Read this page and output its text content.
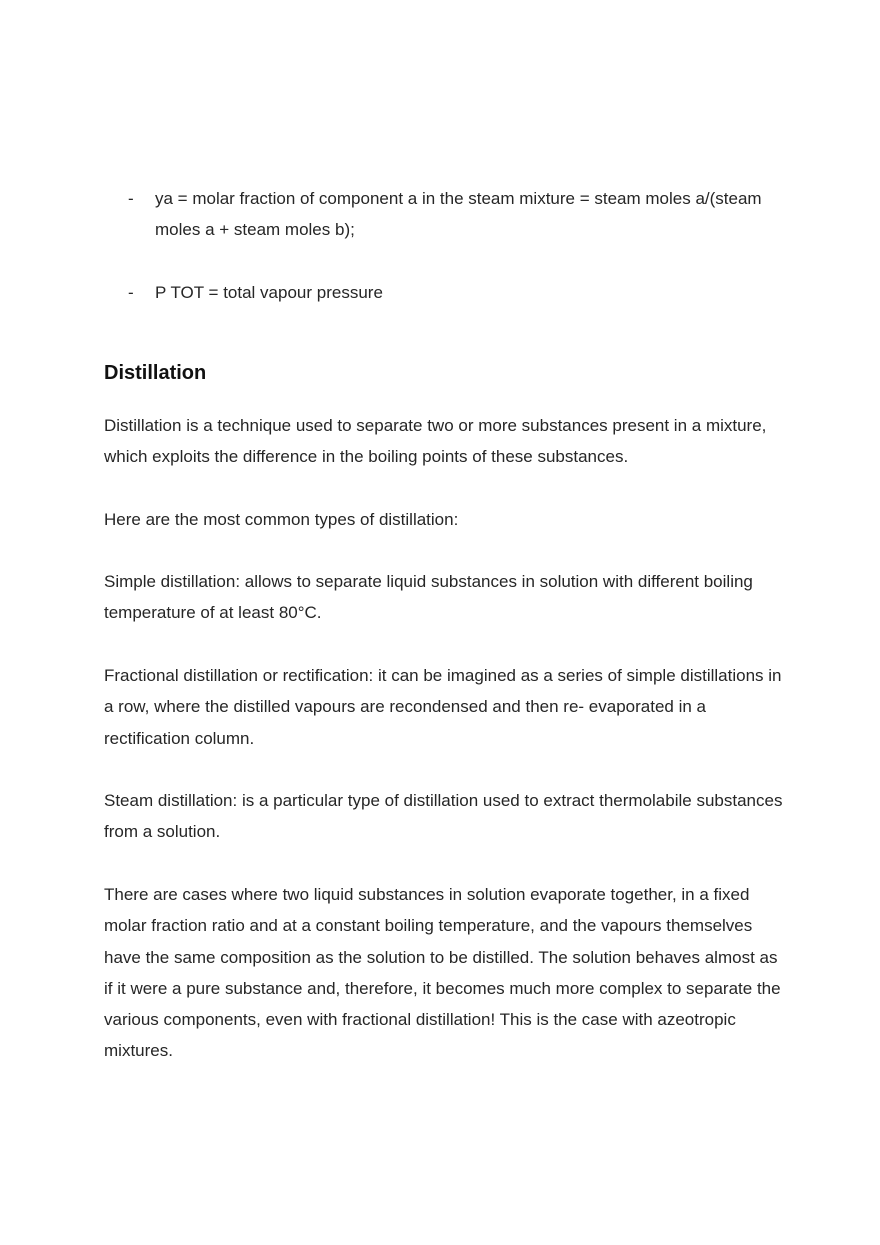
- ya = molar fraction of component a in the steam mixture = steam moles a/(steam moles a + steam moles b);
- P TOT = total vapour pressure
Distillation

Distillation is a technique used to separate two or more substances present in a mixture, which exploits the difference in the boiling points of these substances.

Here are the most common types of distillation:

Simple distillation: allows to separate liquid substances in solution with different boiling temperature of at least 80°C.

Fractional distillation or rectification: it can be imagined as a series of simple distillations in a row, where the distilled vapours are recondensed and then re- evaporated in a rectification column.

Steam distillation: is a particular type of distillation used to extract thermolabile substances from a solution.

There are cases where two liquid substances in solution evaporate together, in a fixed molar fraction ratio and at a constant boiling temperature, and the vapours themselves have the same composition as the solution to be distilled. The solution behaves almost as if it were a pure substance and, therefore, it becomes much more complex to separate the various components, even with fractional distillation! This is the case with azeotropic mixtures.
